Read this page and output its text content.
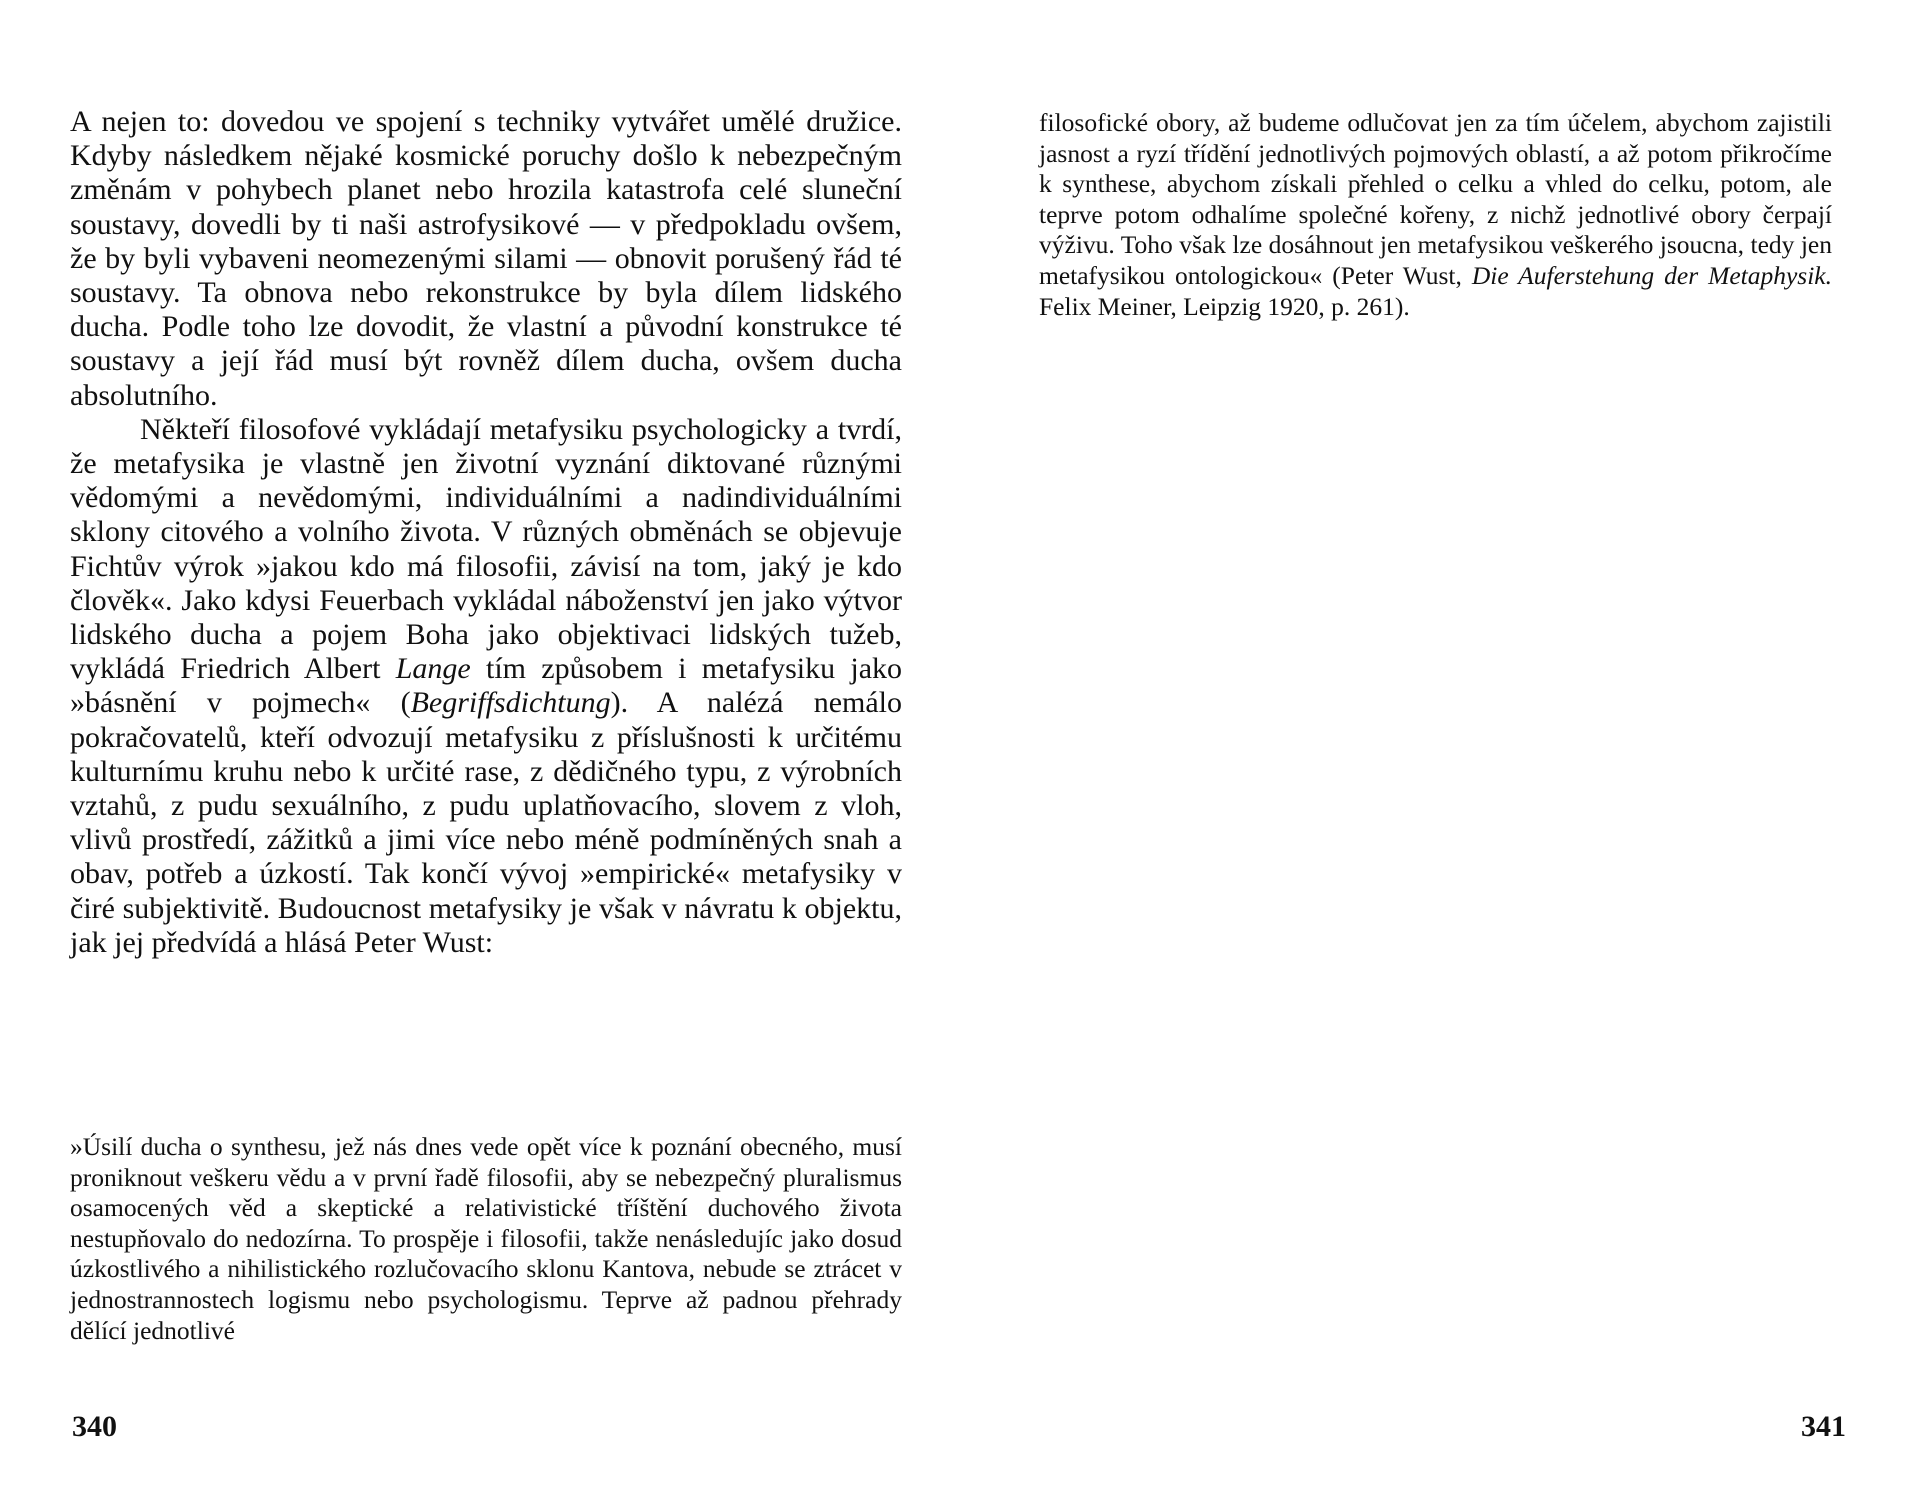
A nejen to: dovedou ve spojení s techniky vytvářet umělé družice. Kdyby následkem nějaké kosmické poruchy došlo k nebezpečným změnám v pohybech planet nebo hrozila katastrofa celé sluneční soustavy, dovedli by ti naši astrofysikové — v předpokladu ovšem, že by byli vybaveni neomezenými silami — obnovit porušený řád té soustavy. Ta obnova nebo rekonstrukce by byla dílem lidského ducha. Podle toho lze dovodit, že vlastní a původní konstrukce té soustavy a její řád musí být rovněž dílem ducha, ovšem ducha absolutního.

Někteří filosofové vykládají metafysiku psychologicky a tvrdí, že metafysika je vlastně jen životní vyznání diktované různými vědomými a nevědomými, individuálními a nadindividuálními sklony citového a volního života. V různých obměnách se objevuje Fichtův výrok »jakou kdo má filosofii, závisí na tom, jaký je kdo člověk«. Jako kdysi Feuerbach vykládal náboženství jen jako výtvor lidského ducha a pojem Boha jako objektivaci lidských tužeb, vykládá Friedrich Albert Lange tím způsobem i metafysiku jako »básnění v pojmech« (Begriffsdichtung). A nalézá nemálo pokračovatelů, kteří odvozují metafysiku z příslušnosti k určitému kulturnímu kruhu nebo k určité rase, z dědičného typu, z výrobních vztahů, z pudu sexuálního, z pudu uplatňovacího, slovem z vloh, vlivů prostředí, zážitků a jimi více nebo méně podmíněných snah a obav, potřeb a úzkostí. Tak končí vývoj »empirické« metafysiky v čiré subjektivitě. Budoucnost metafysiky je však v návratu k objektu, jak jej předvídá a hlásá Peter Wust:

»Úsilí ducha o synthesu, jež nás dnes vede opět více k poznání obecného, musí proniknout veškeru vědu a v první řadě filosofii, aby se nebezpečný pluralismus osamocených věd a skeptické a relativistické tříštění duchového života nestupňovalo do nedozírna. To prospěje i filosofii, takže nenásledujíc jako dosud úzkostlivého a nihilistického rozlučovacího sklonu Kantova, nebude se ztrácet v jednostrannostech logismu nebo psychologismu. Teprve až padnou přehrady dělící jednotlivé

340

filosofické obory, až budeme odlučovat jen za tím účelem, abychom zajistili jasnost a ryzí třídění jednotlivých pojmových oblastí, a až potom přikročíme k synthese, abychom získali přehled o celku a vhled do celku, potom, ale teprve potom odhalíme společné kořeny, z nichž jednotlivé obory čerpají výživu. Toho však lze dosáhnout jen metafysikou veškerého jsoucna, tedy jen metafysikou ontologickou« (Peter Wust, Die Auferstehung der Metaphysik. Felix Meiner, Leipzig 1920, p. 261).

341
